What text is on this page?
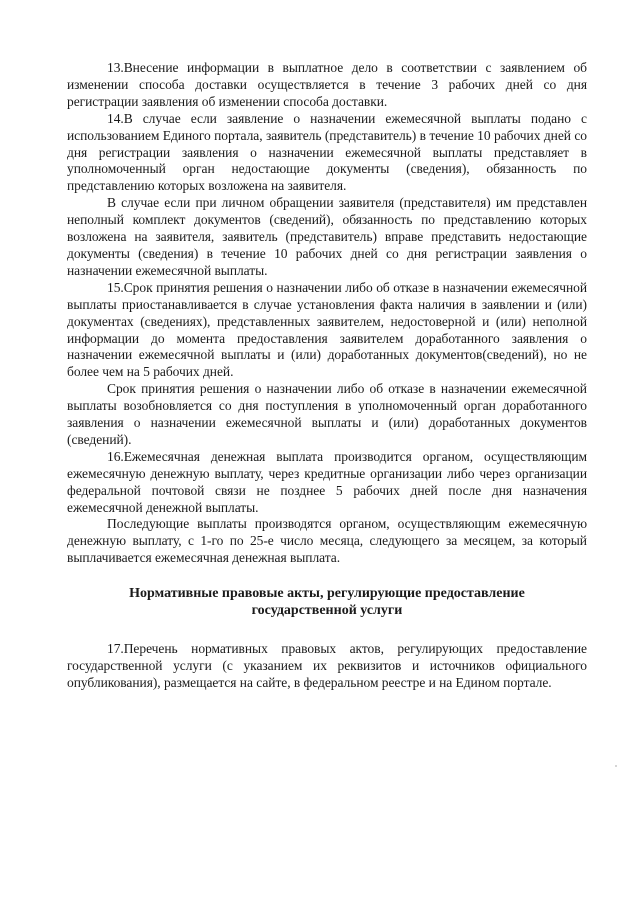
13.Внесение информации в выплатное дело в соответствии с заявлением об изменении способа доставки осуществляется в течение 3 рабочих дней со дня регистрации заявления об изменении способа доставки.

14.В случае если заявление о назначении ежемесячной выплаты подано с использованием Единого портала, заявитель (представитель) в течение 10 рабочих дней со дня регистрации заявления о назначении ежемесячной выплаты представляет в уполномоченный орган недостающие документы (сведения), обязанность по представлению которых возложена на заявителя.

В случае если при личном обращении заявителя (представителя) им представлен неполный комплект документов (сведений), обязанность по представлению которых возложена на заявителя, заявитель (представитель) вправе представить недостающие документы (сведения) в течение 10 рабочих дней со дня регистрации заявления о назначении ежемесячной выплаты.

15.Срок принятия решения о назначении либо об отказе в назначении ежемесячной выплаты приостанавливается в случае установления факта наличия в заявлении и (или) документах (сведениях), представленных заявителем, недостоверной и (или) неполной информации до момента предоставления заявителем доработанного заявления о назначении ежемесячной выплаты и (или) доработанных документов(сведений), но не более чем на 5 рабочих дней.

Срок принятия решения о назначении либо об отказе в назначении ежемесячной выплаты возобновляется со дня поступления в уполномоченный орган доработанного заявления о назначении ежемесячной выплаты и (или) доработанных документов (сведений).

16.Ежемесячная денежная выплата производится органом, осуществляющим ежемесячную денежную выплату, через кредитные организации либо через организации федеральной почтовой связи не позднее 5 рабочих дней после дня назначения ежемесячной денежной выплаты.

Последующие выплаты производятся органом, осуществляющим ежемесячную денежную выплату, с 1-го по 25-е число месяца, следующего за месяцем, за который выплачивается ежемесячная денежная выплата.

Нормативные правовые акты, регулирующие предоставление
государственной услуги

17.Перечень нормативных правовых актов, регулирующих предоставление государственной услуги (с указанием их реквизитов и источников официального опубликования), размещается на сайте, в федеральном реестре и на Едином портале.
